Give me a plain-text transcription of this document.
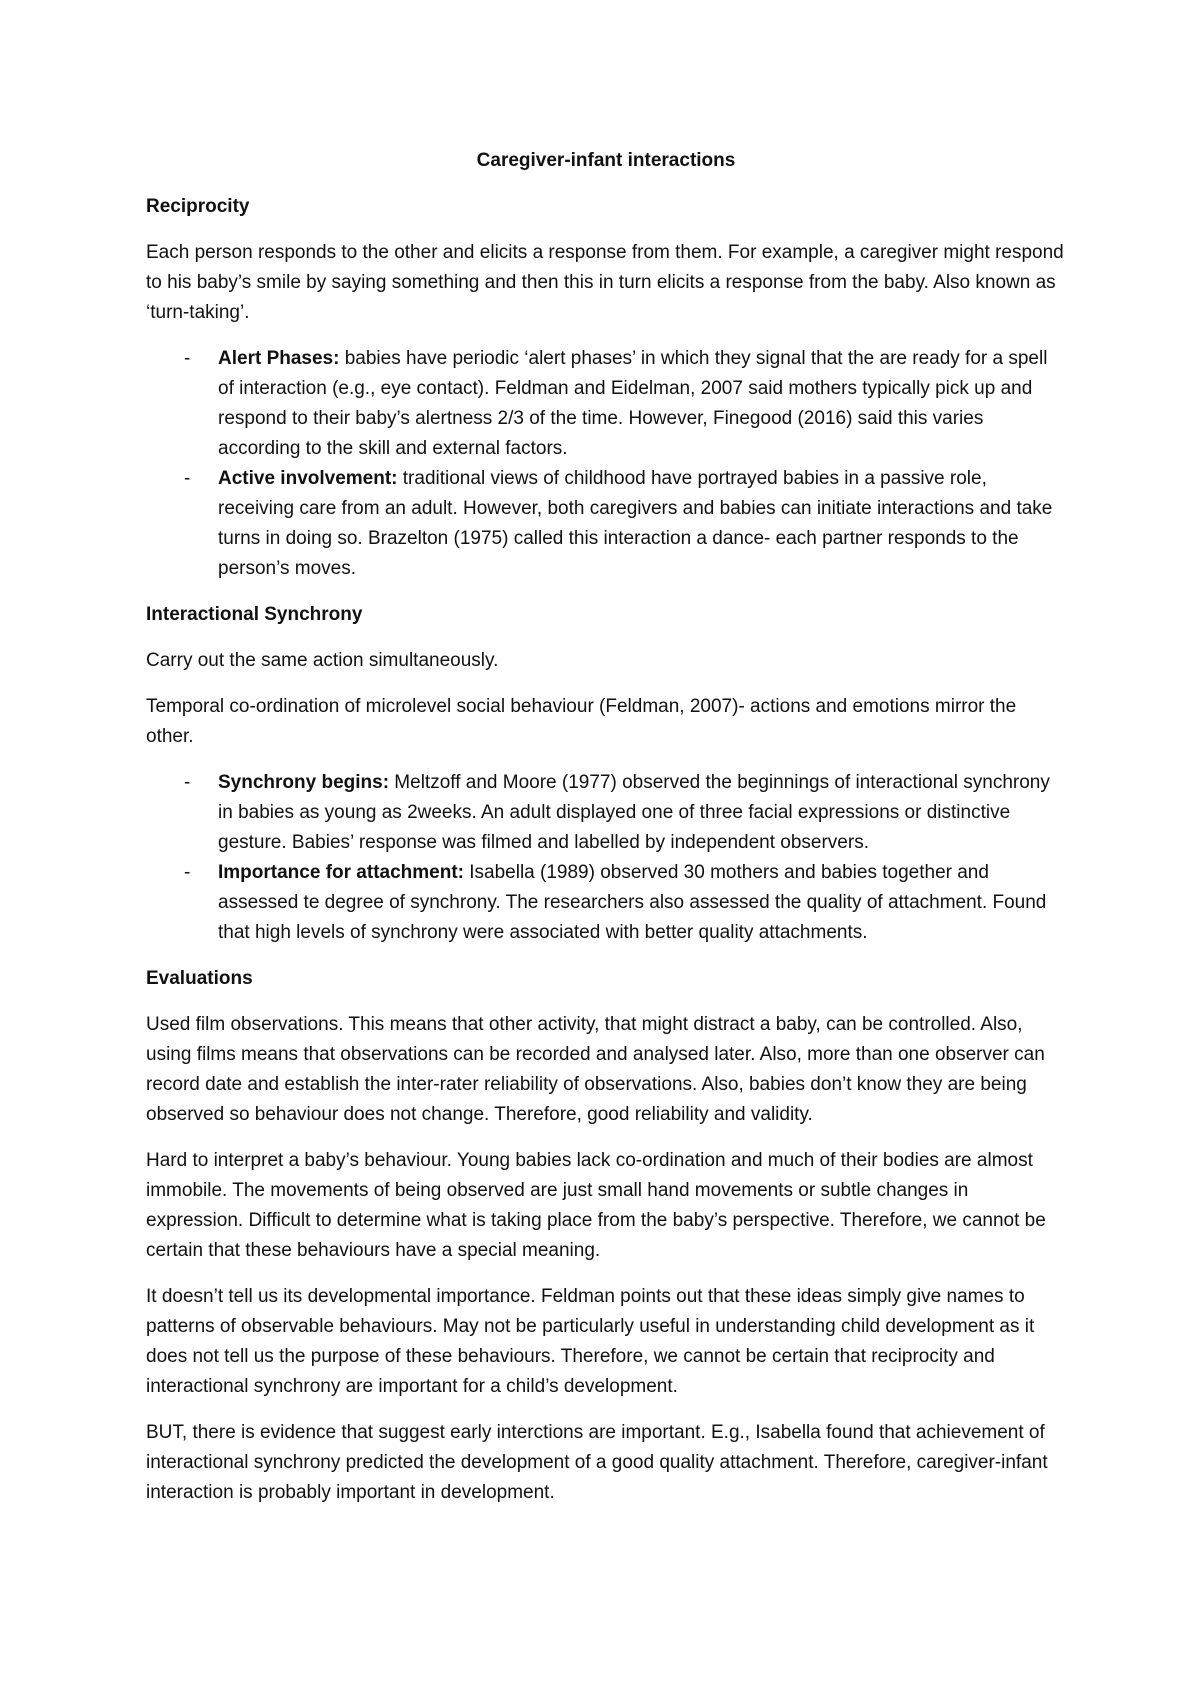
Caregiver-infant interactions
Reciprocity

Each person responds to the other and elicits a response from them. For example, a caregiver might respond to his baby’s smile by saying something and then this in turn elicits a response from the baby. Also known as ‘turn-taking’.

- Alert Phases: babies have periodic ‘alert phases’ in which they signal that the are ready for a spell of interaction (e.g., eye contact). Feldman and Eidelman, 2007 said mothers typically pick up and respond to their baby’s alertness 2/3 of the time. However, Finegood (2016) said this varies according to the skill and external factors.
- Active involvement: traditional views of childhood have portrayed babies in a passive role, receiving care from an adult. However, both caregivers and babies can initiate interactions and take turns in doing so. Brazelton (1975) called this interaction a dance- each partner responds to the person’s moves.
Interactional Synchrony

Carry out the same action simultaneously.

Temporal co-ordination of microlevel social behaviour (Feldman, 2007)- actions and emotions mirror the other.

- Synchrony begins: Meltzoff and Moore (1977) observed the beginnings of interactional synchrony in babies as young as 2weeks. An adult displayed one of three facial expressions or distinctive gesture. Babies’ response was filmed and labelled by independent observers.
- Importance for attachment: Isabella (1989) observed 30 mothers and babies together and assessed te degree of synchrony. The researchers also assessed the quality of attachment. Found that high levels of synchrony were associated with better quality attachments.
Evaluations

Used film observations. This means that other activity, that might distract a baby, can be controlled. Also, using films means that observations can be recorded and analysed later. Also, more than one observer can record date and establish the inter-rater reliability of observations. Also, babies don’t know they are being observed so behaviour does not change. Therefore, good reliability and validity.

Hard to interpret a baby’s behaviour. Young babies lack co-ordination and much of their bodies are almost immobile. The movements of being observed are just small hand movements or subtle changes in expression. Difficult to determine what is taking place from the baby’s perspective. Therefore, we cannot be certain that these behaviours have a special meaning.

It doesn’t tell us its developmental importance. Feldman points out that these ideas simply give names to patterns of observable behaviours. May not be particularly useful in understanding child development as it does not tell us the purpose of these behaviours. Therefore, we cannot be certain that reciprocity and interactional synchrony are important for a child’s development.

BUT, there is evidence that suggest early interctions are important. E.g., Isabella found that achievement of interactional synchrony predicted the development of a good quality attachment. Therefore, caregiver-infant interaction is probably important in development.
